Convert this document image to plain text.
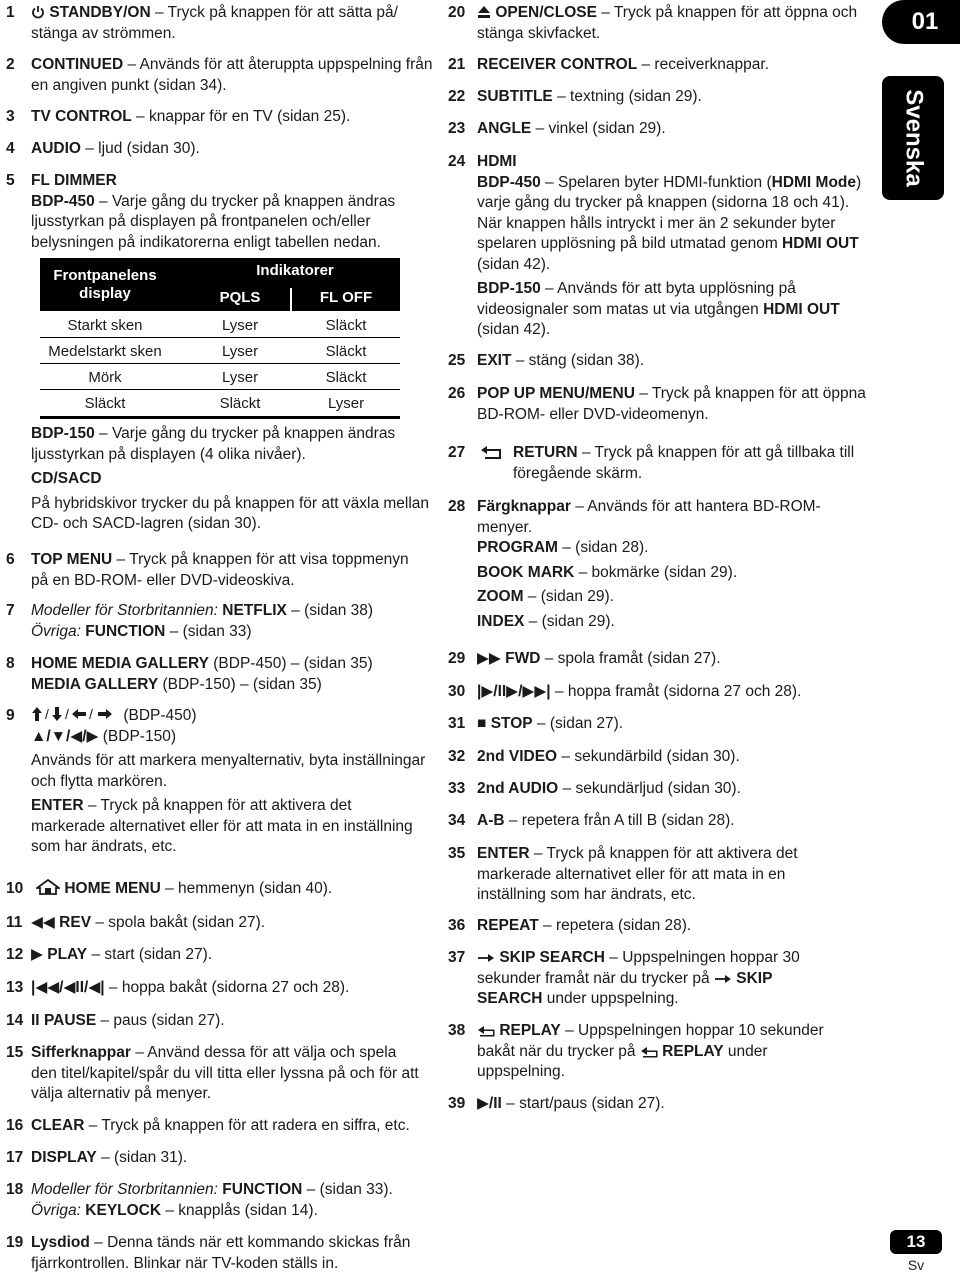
01
Svenska
1	STANDBY/ON – Tryck på knappen för att sätta på/ stänga av strömmen.
2 CONTINUED – Används för att återuppta uppspelning från en angiven punkt (sidan 34).
3 TV CONTROL – knappar för en TV (sidan 25).
4 AUDIO – ljud (sidan 30).
5 FL DIMMER
BDP-450 – Varje gång du trycker på knappen ändras ljusstyrkan på displayen på frontpanelen och/eller belysningen på indikatorerna enligt tabellen nedan.
Frontpanelens display
Indikatorer
PQLS	FL OFF
Starkt sken	Lyser	Släckt
Medelstarkt sken	Lyser	Släckt
Mörk	Lyser	Släckt
Släckt	Släckt	Lyser
BDP-150 – Varje gång du trycker på knappen ändras ljusstyrkan på displayen (4 olika nivåer).
CD/SACD
På hybridskivor trycker du på knappen för att växla mellan CD- och SACD-lagren (sidan 30).
6 TOP MENU – Tryck på knappen för att visa toppmenyn på en BD-ROM- eller DVD-videoskiva.
7 Modeller för Storbritannien: NETFLIX – (sidan 38)
Övriga: FUNCTION – (sidan 33)
8 HOME MEDIA GALLERY (BDP-450) – (sidan 35)
MEDIA GALLERY (BDP-150) – (sidan 35)
9 / / / (BDP-450)
▲/▼/◀/▶ (BDP-150)
Används för att markera menyalternativ, byta inställningar och flytta markören.
ENTER – Tryck på knappen för att aktivera det markerade alternativet eller för att mata in en inställning som har ändrats, etc.
10	HOME MENU – hemmenyn (sidan 40).
11 ◀◀ REV – spola bakåt (sidan 27).
12 ▶ PLAY – start (sidan 27).
13 |◀◀/◀II/◀| – hoppa bakåt (sidorna 27 och 28).
14 II PAUSE – paus (sidan 27).
15 Sifferknappar – Använd dessa för att välja och spela den titel/kapitel/spår du vill titta eller lyssna på och för att välja alternativ på menyer.
16 CLEAR – Tryck på knappen för att radera en siffra, etc.
17 DISPLAY – (sidan 31).
18 Modeller för Storbritannien: FUNCTION – (sidan 33).
Övriga: KEYLOCK – knapplås (sidan 14).
19 Lysdiod – Denna tänds när ett kommando skickas från fjärrkontrollen. Blinkar när TV-koden ställs in.
20	OPEN/CLOSE – Tryck på knappen för att öppna och stänga skivfacket.
21 RECEIVER CONTROL – receiverknappar.
22 SUBTITLE – textning (sidan 29).
23 ANGLE – vinkel (sidan 29).
24 HDMI
BDP-450 – Spelaren byter HDMI-funktion (HDMI Mode) varje gång du trycker på knappen (sidorna 18 och 41). När knappen hålls intryckt i mer än 2 sekunder byter spelaren upplösning på bild utmatad genom HDMI OUT (sidan 42).
BDP-150 – Används för att byta upplösning på videosignaler som matas ut via utgången HDMI OUT (sidan 42).
25 EXIT – stäng (sidan 38).
26 POP UP MENU/MENU – Tryck på knappen för att öppna BD-ROM- eller DVD-videomenyn.
27	RETURN – Tryck på knappen för att gå tillbaka till föregående skärm.
28 Färgknappar – Används för att hantera BD-ROM-menyer.
PROGRAM – (sidan 28).
BOOK MARK – bokmärke (sidan 29).
ZOOM – (sidan 29).
INDEX – (sidan 29).
29 ▶▶ FWD – spola framåt (sidan 27).
30 |▶/II▶/▶▶| – hoppa framåt (sidorna 27 och 28).
31 ■ STOP – (sidan 27).
32 2nd VIDEO – sekundärbild (sidan 30).
33 2nd AUDIO – sekundärljud (sidan 30).
34 A-B – repetera från A till B (sidan 28).
35 ENTER – Tryck på knappen för att aktivera det markerade alternativet eller för att mata in en inställning som har ändrats, etc.
36 REPEAT – repetera (sidan 28).
37	SKIP SEARCH – Uppspelningen hoppar 30 sekunder framåt när du trycker på  SKIP SEARCH under uppspelning.
38	REPLAY – Uppspelningen hoppar 10 sekunder bakåt när du trycker på  REPLAY under uppspelning.
39 ▶/II – start/paus (sidan 27).
13
Sv
